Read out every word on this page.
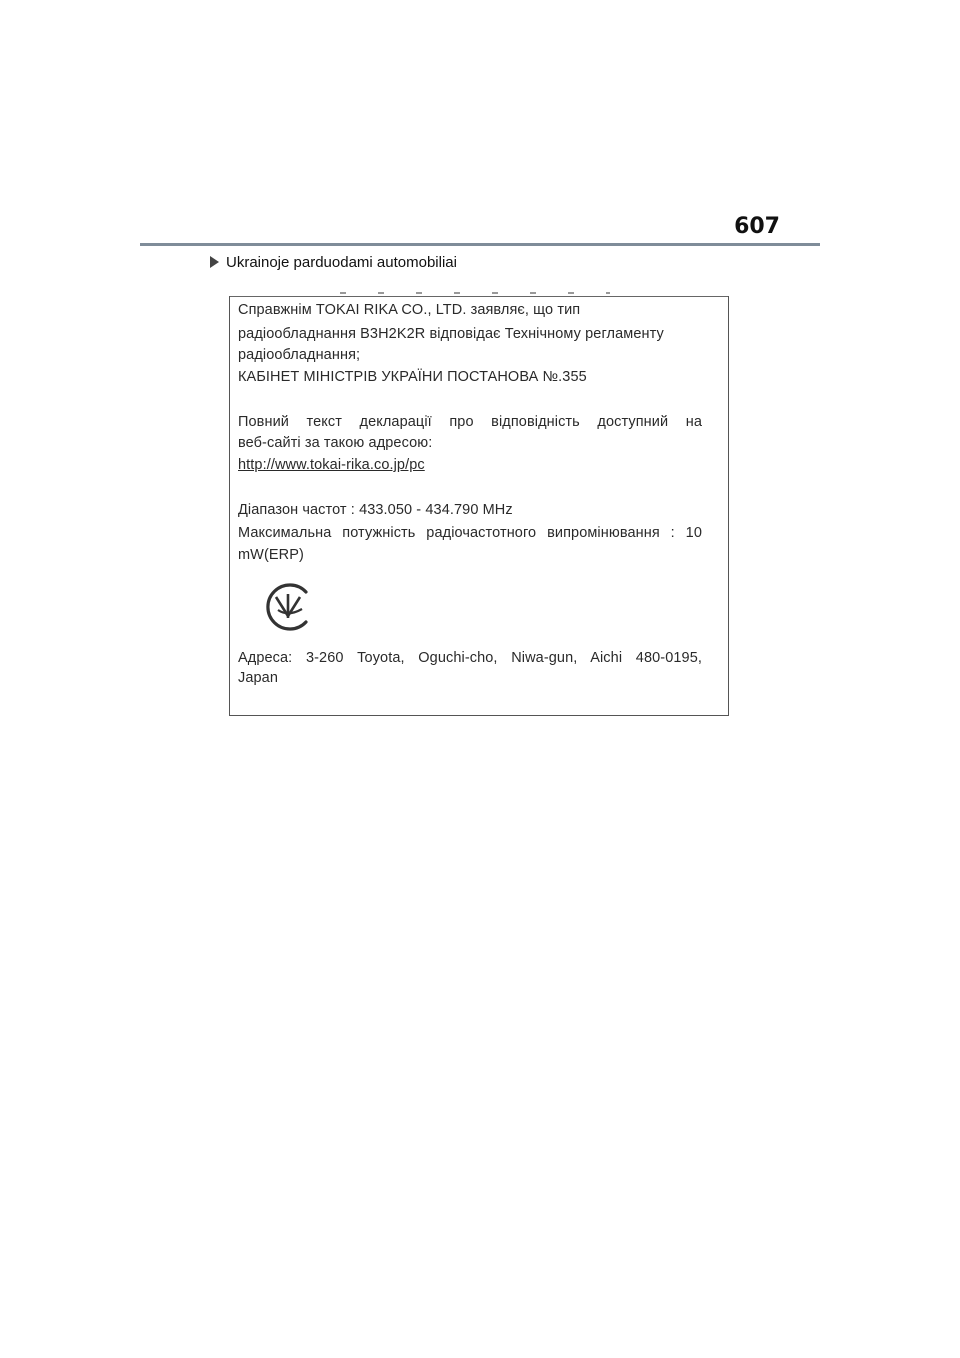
607
Ukrainoje parduodami automobiliai
Справжнім TOKAI RIKA CO., LTD. заявляє, що тип
радіообладнання B3H2K2R відповідає Технічному регламенту
радіообладнання;
КАБІНЕТ МІНІСТРІВ УКРАЇНИ ПОСТАНОВА №.355
Повний текст декларації про відповідність доступний на
веб-сайті за такою адресою:
http://www.tokai-rika.co.jp/pc
Діапазон частот : 433.050 - 434.790 MHz
Максимальна потужність радіочастотного випромінювання : 10
mW(ERP)
Адреса: 3-260 Toyota, Oguchi-cho, Niwa-gun, Aichi 480-0195,
Japan
